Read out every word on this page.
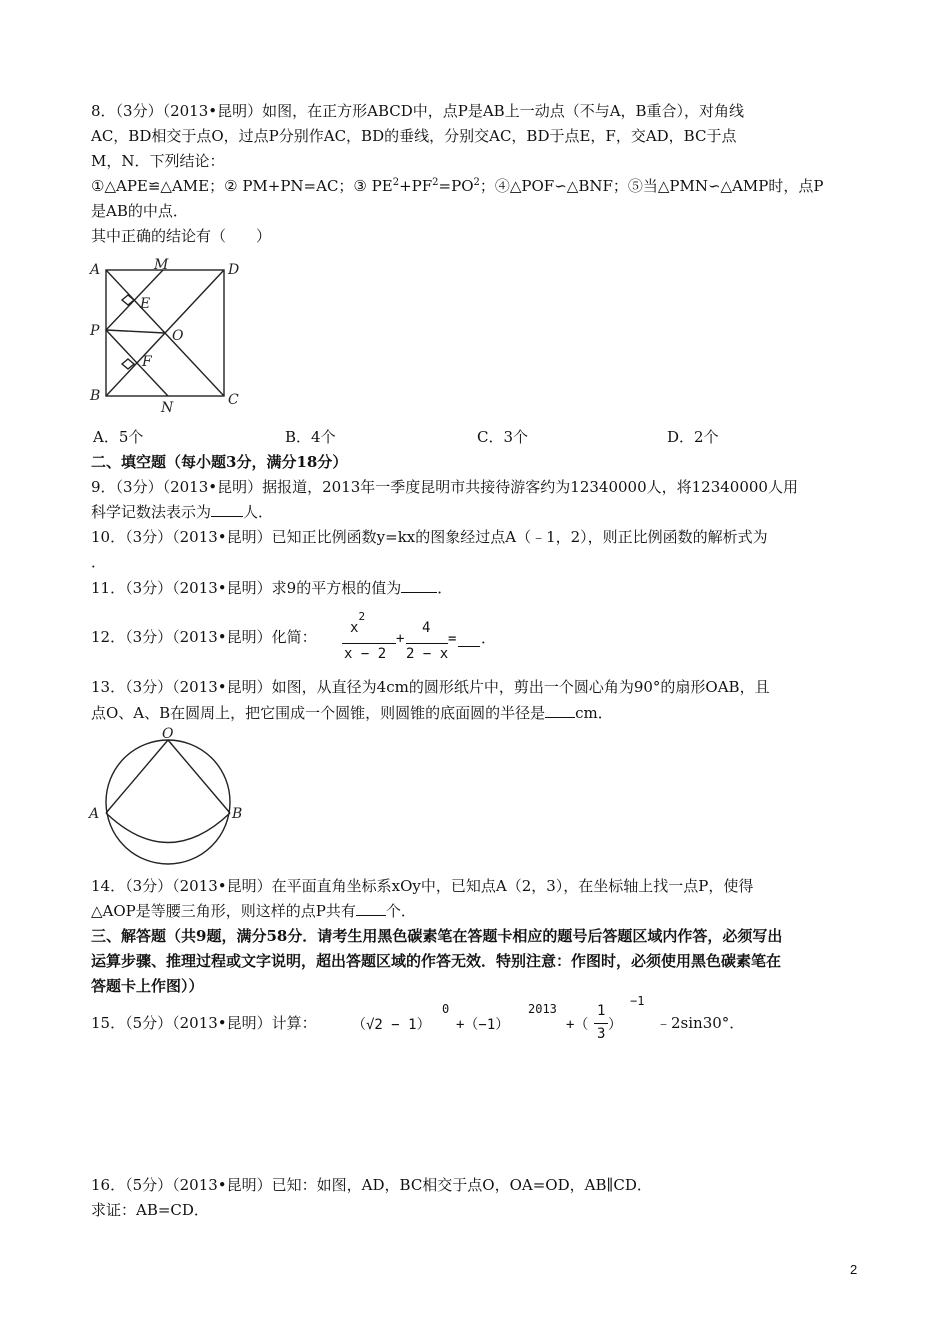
8．（3分）（2013•昆明）如图，在正方形ABCD中，点P是AB上一动点（不与A，B重合），对角线
AC，BD相交于点O，过点P分别作AC，BD的垂线，分别交AC，BD于点E，F，交AD，BC于点
M，N．下列结论：
①△APE≌△AME；② PM+PN=AC；③ $PE^2+PF^2=PO^2$；④△POF∽△BNF；⑤当△PMN∽△AMP时，点P
是AB的中点．
其中正确的结论有（　　）
A	M	D
E
P	O
F
B
N	C
A．5个	B．4个	C．3个	D．2个
二、填空题（每小题3分，满分18分）
9．（3分）（2013•昆明）据报道，2013年一季度昆明市共接待游客约为12340000人，将12340000人用
科学记数法表示为 人．
10．（3分）（2013•昆明）已知正比例函数y=kx的图象经过点A（﹣1，2），则正比例函数的解析式为
．
11．（3分）（2013•昆明）求9的平方根的值为 ．
12．（3分）（2013•昆明）化简： $x^2$
x − 2
+
4
2 − x
= ．
13．（3分）（2013•昆明）如图，从直径为4cm的圆形纸片中，剪出一个圆心角为90°的扇形OAB，且
点O、A、B在圆周上，把它围成一个圆锥，则圆锥的底面圆的半径是 cm．
O
A	B
14．（3分）（2013•昆明）在平面直角坐标系xOy中，已知点A（2，3），在坐标轴上找一点P，使得
△AOP是等腰三角形，则这样的点P共有 个．
三、解答题（共9题，满分58分．请考生用黑色碳素笔在答题卡相应的题号后答题区域内作答，必须写出
运算步骤、推理过程或文字说明，超出答题区域的作答无效．特别注意：作图时，必须使用黑色碳素笔在
答题卡上作图））
15．（5分）（2013•昆明）计算：	（√2 − 1）
0
+（−1）
2013
+（
1
3
）
−1
﹣2sin30°．
16．（5分）（2013•昆明）已知：如图，AD，BC相交于点O，OA=OD，AB∥CD．
求证：AB=CD．
2
